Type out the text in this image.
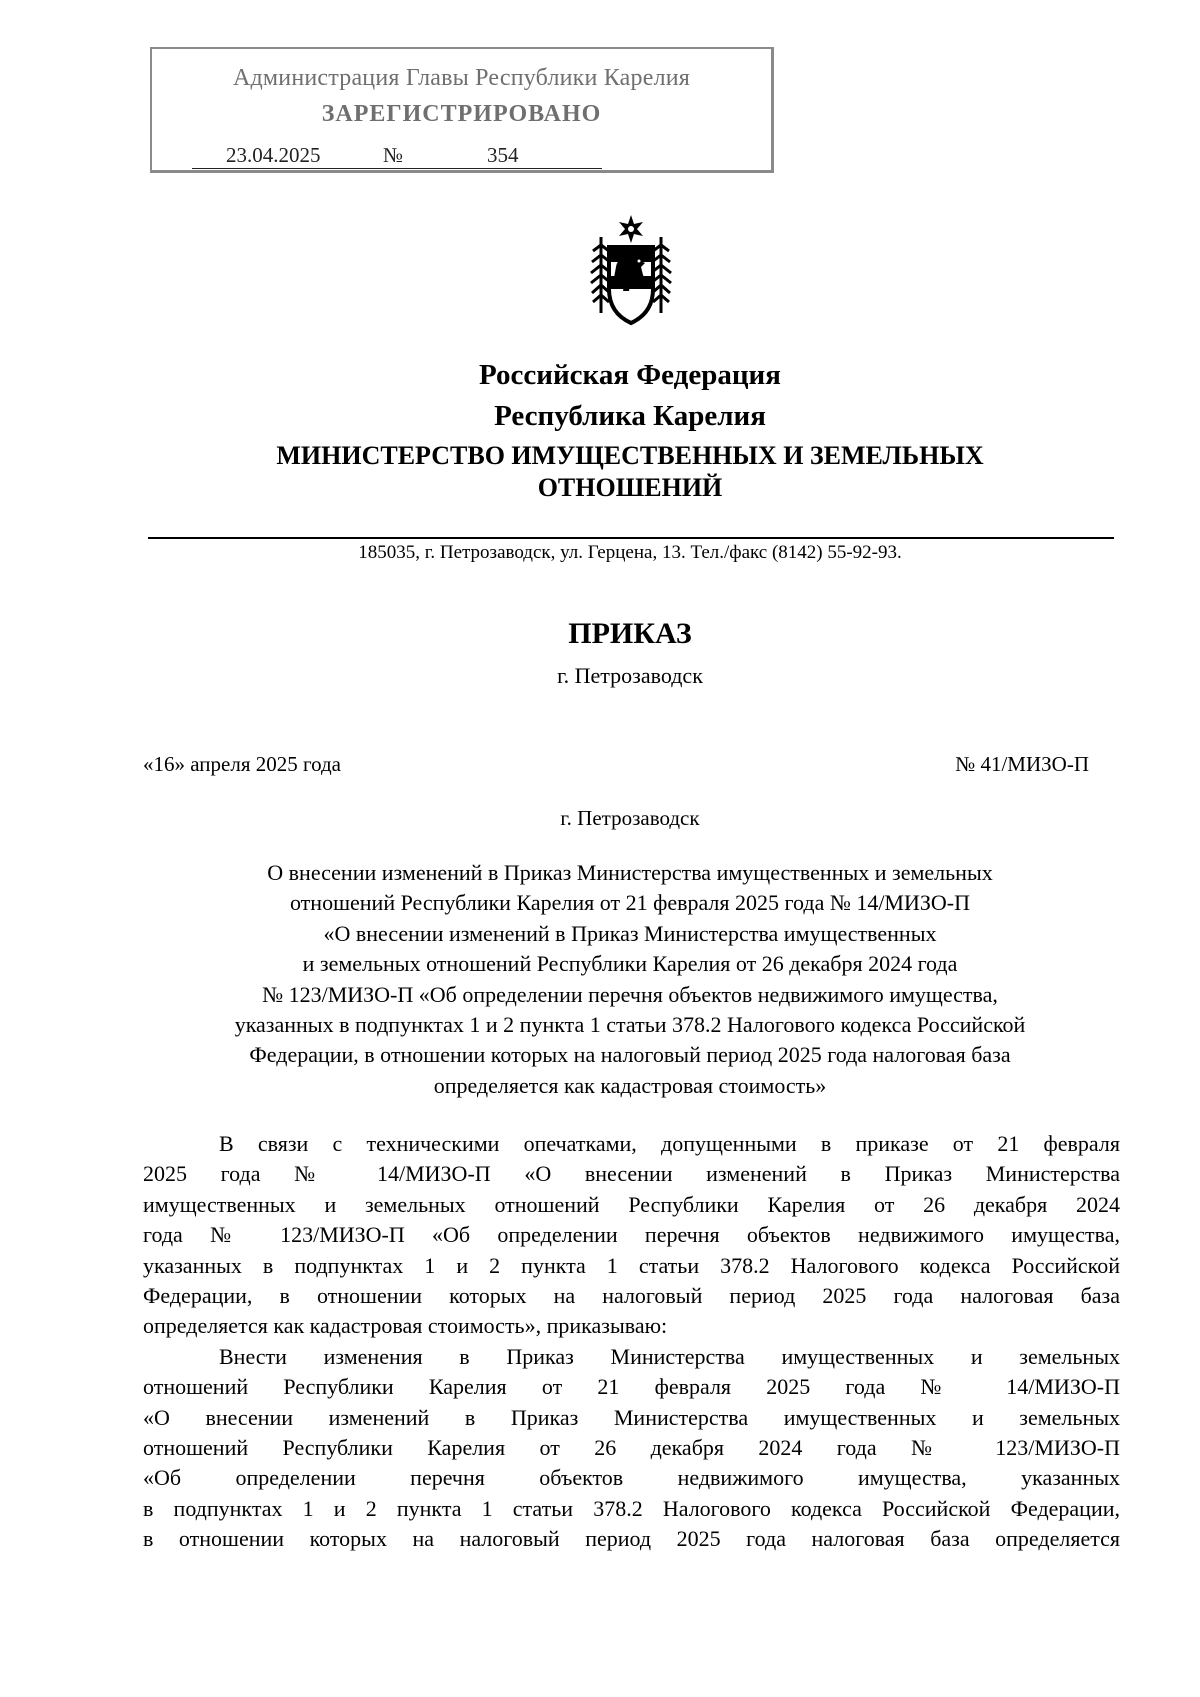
Администрация Главы Республики Карелия
ЗАРЕГИСТРИРОВАНО
23.04.2025	№	354
Российская Федерация
Республика Карелия
МИНИСТЕРСТВО ИМУЩЕСТВЕННЫХ И ЗЕМЕЛЬНЫХ
ОТНОШЕНИЙ
185035, г. Петрозаводск, ул. Герцена, 13. Тел./факс (8142) 55-92-93.
ПРИКАЗ
г. Петрозаводск
«16» апреля 2025 года	№ 41/МИЗО-П
г. Петрозаводск
О внесении изменений в Приказ Министерства имущественных и земельных
отношений Республики Карелия от 21 февраля 2025 года № 14/МИЗО-П
«О внесении изменений в Приказ Министерства имущественных
и земельных отношений Республики Карелия от 26 декабря 2024 года
№ 123/МИЗО-П «Об определении перечня объектов недвижимого имущества,
указанных в подпунктах 1 и 2 пункта 1 статьи 378.2 Налогового кодекса Российской
Федерации, в отношении которых на налоговый период 2025 года налоговая база
определяется как кадастровая стоимость»
В связи с техническими опечатками, допущенными в приказе от 21 февраля
2025 года № 14/МИЗО-П «О внесении изменений в Приказ Министерства
имущественных и земельных отношений Республики Карелия от 26 декабря 2024
года № 123/МИЗО-П «Об определении перечня объектов недвижимого имущества,
указанных в подпунктах 1 и 2 пункта 1 статьи 378.2 Налогового кодекса Российской
Федерации, в отношении которых на налоговый период 2025 года налоговая база
определяется как кадастровая стоимость», приказываю:
Внести изменения в Приказ Министерства имущественных и земельных
отношений Республики Карелия от 21 февраля 2025 года № 14/МИЗО-П
«О внесении изменений в Приказ Министерства имущественных и земельных
отношений Республики Карелия от 26 декабря 2024 года № 123/МИЗО-П
«Об определении перечня объектов недвижимого имущества, указанных
в подпунктах 1 и 2 пункта 1 статьи 378.2 Налогового кодекса Российской Федерации,
в отношении которых на налоговый период 2025 года налоговая база определяется
